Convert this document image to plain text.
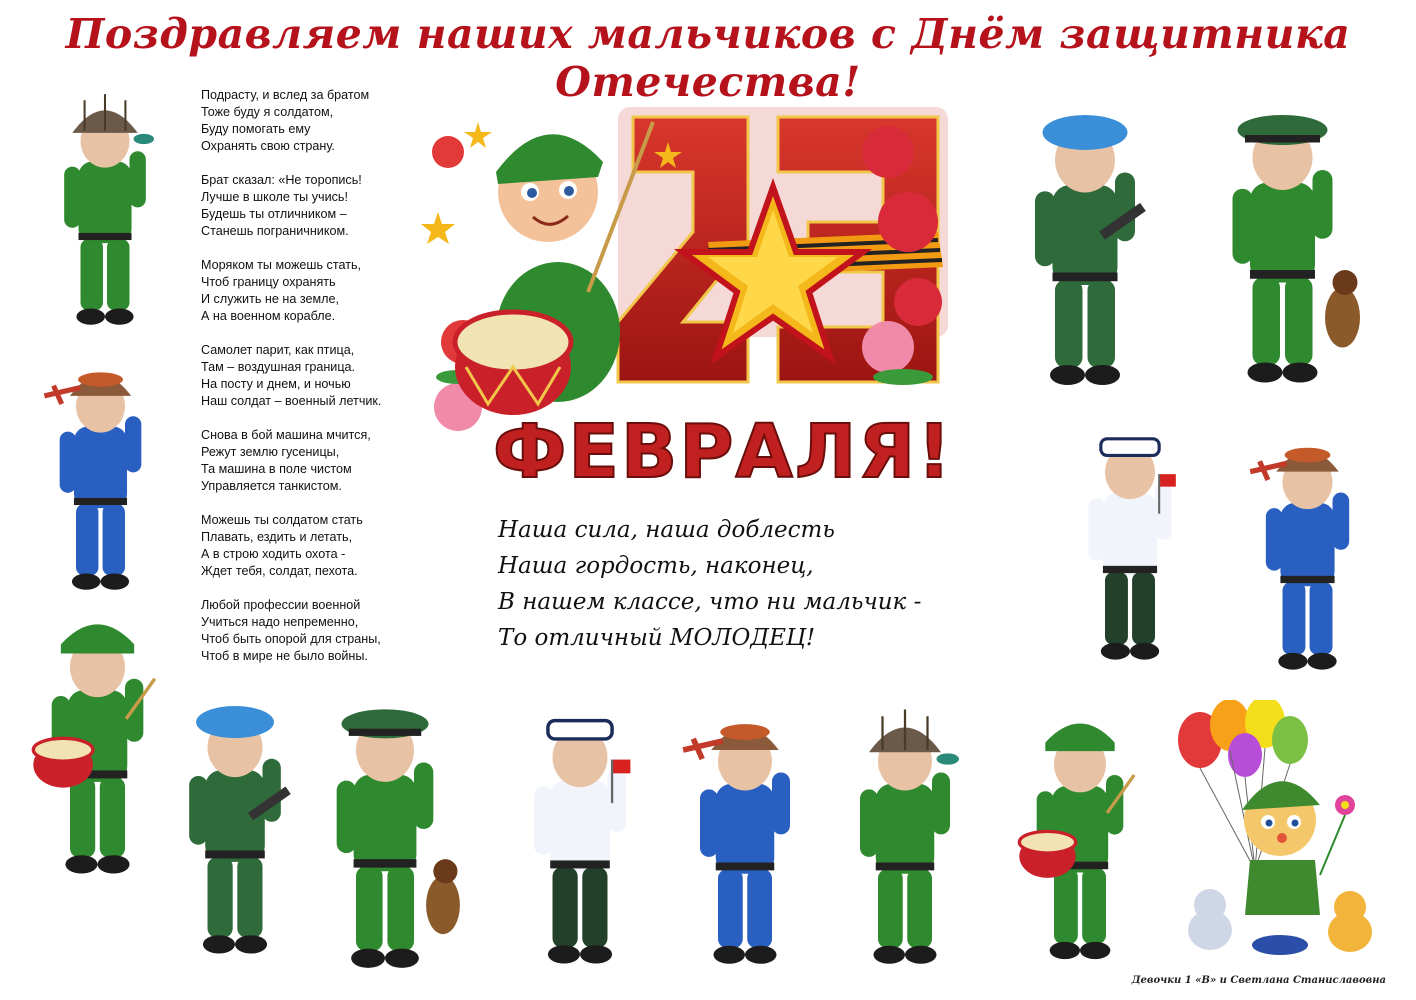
Поздравляем наших мальчиков с Днём защитника Отечества!
Подрасту, и вслед за братом
Тоже буду я солдатом,
Буду помогать ему
Охранять свою страну.
Брат сказал: «Не торопись!
Лучше в школе ты учись!
Будешь ты отличником –
Станешь пограничником.
Моряком ты можешь стать,
Чтоб границу охранять
И служить не на земле,
А на военном корабле.
Самолет парит, как птица,
Там – воздушная граница.
На посту и днем, и ночью
Наш солдат – военный летчик.
Снова в бой машина мчится,
Режут землю гусеницы,
Та машина в поле чистом
Управляется танкистом.
Можешь ты солдатом стать
Плавать, ездить и летать,
А в строю ходить охота -
Ждет тебя, солдат, пехота.
Любой профессии военной
Учиться надо непременно,
Чтоб быть опорой для страны,
Чтоб в мире не было войны.
ФЕВРАЛЯ!
Наша сила, наша доблесть
Наша гордость, наконец,
В нашем классе, что ни мальчик -
То отличный МОЛОДЕЦ!
Девочки 1 «В» и Светлана Станиславовна
